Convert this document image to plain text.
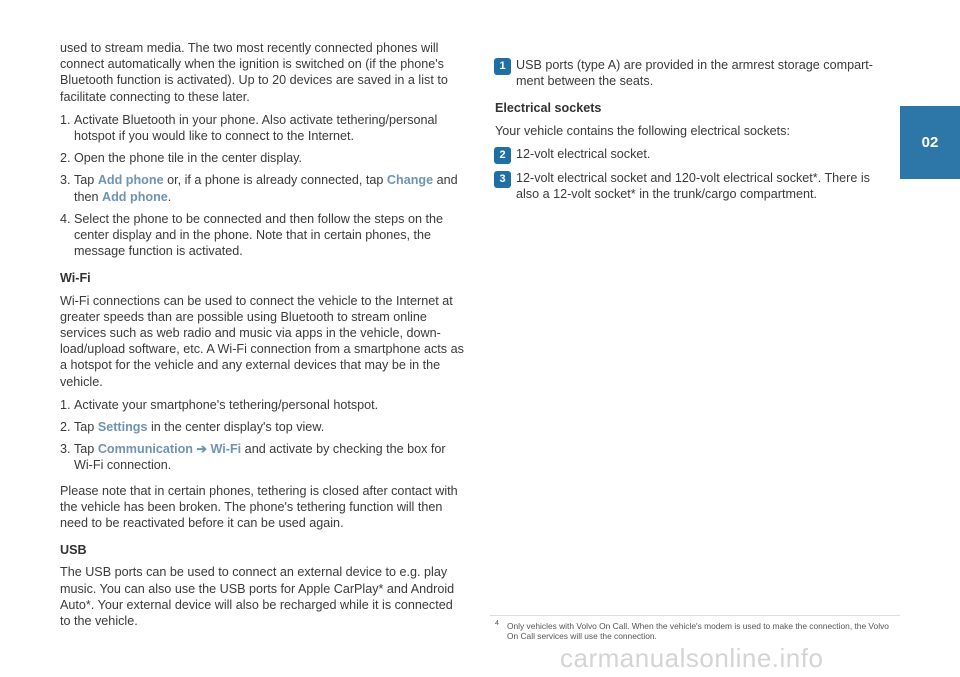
used to stream media. The two most recently connected phones will connect automatically when the ignition is switched on (if the phone's Bluetooth function is activated). Up to 20 devices are saved in a list to facilitate connecting to these later.

1. Activate Bluetooth in your phone. Also activate tethering/personal hotspot if you would like to connect to the Internet.
2. Open the phone tile in the center display.
3. Tap Add phone or, if a phone is already connected, tap Change and then Add phone.
4. Select the phone to be connected and then follow the steps on the center display and in the phone. Note that in certain phones, the message function is activated.
Wi-Fi

Wi-Fi connections can be used to connect the vehicle to the Internet at greater speeds than are possible using Bluetooth to stream online services such as web radio and music via apps in the vehicle, down-load/upload software, etc. A Wi-Fi connection from a smartphone acts as a hotspot for the vehicle and any external devices that may be in the vehicle.

1. Activate your smartphone's tethering/personal hotspot.
2. Tap Settings in the center display's top view.
3. Tap Communication ➔ Wi-Fi and activate by checking the box for Wi-Fi connection.

Please note that in certain phones, tethering is closed after contact with the vehicle has been broken. The phone's tethering function will then need to be reactivated before it can be used again.

USB

The USB ports can be used to connect an external device to e.g. play music. You can also use the USB ports for Apple CarPlay* and Android Auto*. Your external device will also be recharged while it is connected to the vehicle.

1 USB ports (type A) are provided in the armrest storage compart-ment between the seats.
Electrical sockets

Your vehicle contains the following electrical sockets:

2 12-volt electrical socket.
3 12-volt electrical socket and 120-volt electrical socket*. There is also a 12-volt socket* in the trunk/cargo compartment.
02
4 Only vehicles with Volvo On Call. When the vehicle's modem is used to make the connection, the Volvo On Call services will use the connection.
carmanualsonline.info
